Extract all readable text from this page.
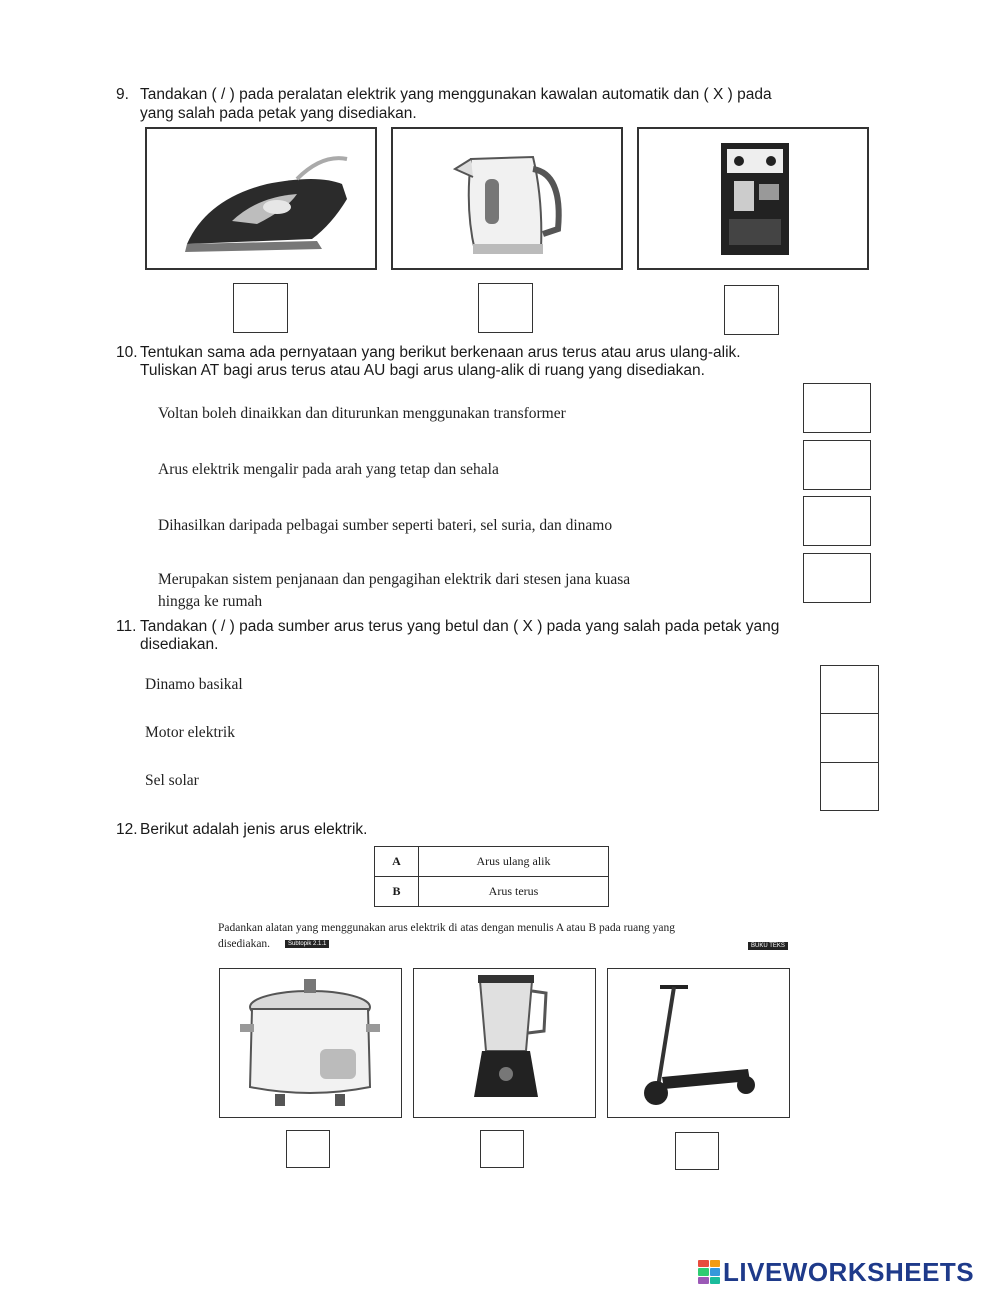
9. Tandakan ( / ) pada peralatan elektrik yang menggunakan kawalan automatik dan ( X ) pada
yang salah pada petak yang disediakan.
10. Tentukan sama ada pernyataan yang berikut berkenaan arus terus atau arus ulang-alik.
Tuliskan AT bagi arus terus atau AU bagi arus ulang-alik di ruang yang disediakan.
Voltan boleh dinaikkan dan diturunkan menggunakan transformer
Arus elektrik mengalir pada arah yang tetap dan sehala
Dihasilkan daripada pelbagai sumber seperti bateri, sel suria, dan dinamo
Merupakan sistem penjanaan dan pengagihan elektrik dari stesen jana kuasa
hingga ke rumah
11. Tandakan ( / ) pada sumber arus terus yang betul dan ( X ) pada yang salah pada petak yang
disediakan.
Dinamo basikal
Motor elektrik
Sel solar
12. Berikut adalah jenis arus elektrik.
A	Arus ulang alik
B	Arus terus
Padankan alatan yang menggunakan arus elektrik di atas dengan menulis A atau B pada ruang yang
disediakan.	Subtopik 2.1.1	BUKU TEKS
LIVEWORKSHEETS
